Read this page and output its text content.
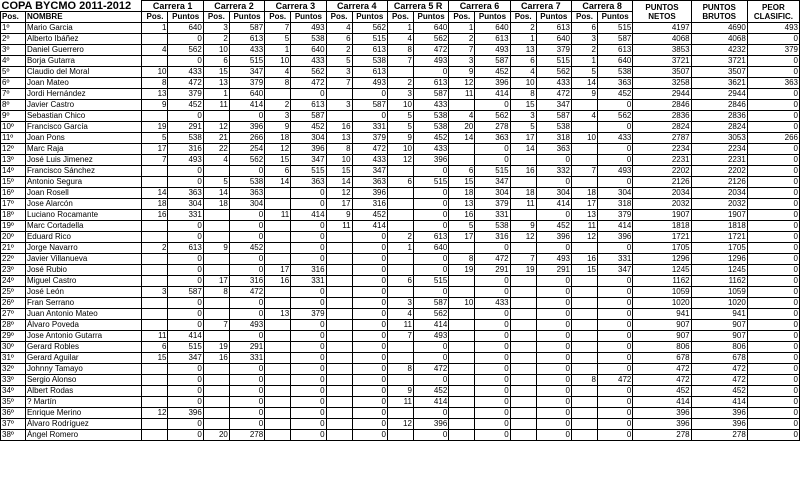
COPA BYCMO 2011-2012		Carrera 1		Carrera 2		Carrera 3		Carrera 4		Carrera 5 R		Carrera 6		Carrera 7		Carrera 8		PUNTOS NETOS	PUNTOS BRUTOS	PEOR CLASIFIC.
Pos.	NOMBRE	Pos.	Puntos	Pos.	Puntos	Pos.	Puntos	Pos.	Puntos	Pos.	Puntos	Pos.	Puntos	Pos.	Puntos	Pos.	Puntos			
1º	Mario Garcia	1	640	3	587	7	493	4	562	1	640	1	640	2	613	6	515	4197	4690	493
2º	Alberto Ibáñez		0	2	613	5	538	6	515	4	562	2	613	1	640	3	587	4068	4068	0
3º	Daniel Guerrero	4	562	10	433	1	640	2	613	8	472	7	493	13	379	2	613	3853	4232	379
4º	Borja Gutarra		0	6	515	10	433	5	538	7	493	3	587	6	515	1	640	3721	3721	0
5º	Claudio del Moral	10	433	15	347	4	562	3	613		0	9	452	4	562	5	538	3507	3507	0
6º	Joan Mateo	8	472	13	379	8	472	7	493	2	613	12	396	10	433	14	363	3258	3621	363
7º	Jordi Hernández	13	379	1	640		0		0	3	587	11	414	8	472	9	452	2944	2944	0
8º	Javier Castro	9	452	11	414	2	613	3	587	10	433		0	15	347		0	2846	2846	0
9º	Sebastian Chico		0		0	3	587		0	5	538	4	562	3	587	4	562	2836	2836	0
10º	Francisco García	19	291	12	396	9	452	16	331	5	538	20	278	5	538		0	2824	2824	0
11º	Joan Pons	5	538	21	266	18	304	13	379	9	452	14	363	17	318	10	433	2787	3053	266
12º	Marc Raja	17	316	22	254	12	396	8	472	10	433		0	14	363		0	2234	2234	0
13º	José Luis Jimenez	7	493	4	562	15	347	10	433	12	396		0		0		0	2231	2231	0
14º	Francisco Sánchez		0		0	6	515	15	347		0	6	515	16	332	7	493	2202	2202	0
15º	Antonio Segura		0	5	538	14	363	14	363	6	515	15	347		0		0	2126	2126	0
16º	Joan Rosell	14	363	14	363		0	12	396		0	18	304	18	304	18	304	2034	2034	0
17º	Jose Alarcón	18	304	18	304		0	17	316		0	13	379	11	414	17	318	2032	2032	0
18º	Luciano Rocamante	16	331		0	11	414	9	452		0	16	331		0	13	379	1907	1907	0
19º	Marc Cortadella		0		0		0	11	414		0	5	538	9	452	11	414	1818	1818	0
20º	Eduard Rico		0		0		0		0	2	613	17	316	12	396	12	396	1721	1721	0
21º	Jorge Navarro	2	613	9	452		0		0	1	640		0		0		0	1705	1705	0
22º	Javier Villanueva		0		0		0		0		0	8	472	7	493	16	331	1296	1296	0
23º	José Rubio		0		0	17	316		0		0	19	291	19	291	15	347	1245	1245	0
24º	Miguel Castro		0	17	316	16	331		0	6	515		0		0		0	1162	1162	0
25º	José León	3	587	8	472		0		0		0		0		0		0	1059	1059	0
26º	Fran Serrano		0		0		0		0	3	587	10	433		0		0	1020	1020	0
27º	Juan Antonio Mateo		0		0	13	379		0	4	562		0		0		0	941	941	0
28º	Álvaro Poveda		0	7	493		0		0	11	414		0		0		0	907	907	0
29º	Jose Antonio Gutarra	11	414		0		0		0	7	493		0		0		0	907	907	0
30º	Gerard Robles	6	515	19	291		0		0		0		0		0		0	806	806	0
31º	Gerard Aguilar	15	347	16	331		0		0		0		0		0		0	678	678	0
32º	Johnny Tamayo		0		0		0		0	8	472		0		0		0	472	472	0
33º	Sergio Alonso		0		0		0		0		0		0		0	8	472	472	472	0
34º	Albert Rodas		0		0		0		0	9	452		0		0		0	452	452	0
35º	? Martín		0		0		0		0	11	414		0		0		0	414	414	0
36º	Enrique Merino	12	396		0		0		0		0		0		0		0	396	396	0
37º	Álvaro Rodríguez		0		0		0		0	12	396		0		0		0	396	396	0
38º	Ángel Romero		0	20	278		0		0		0		0		0		0	278	278	0
